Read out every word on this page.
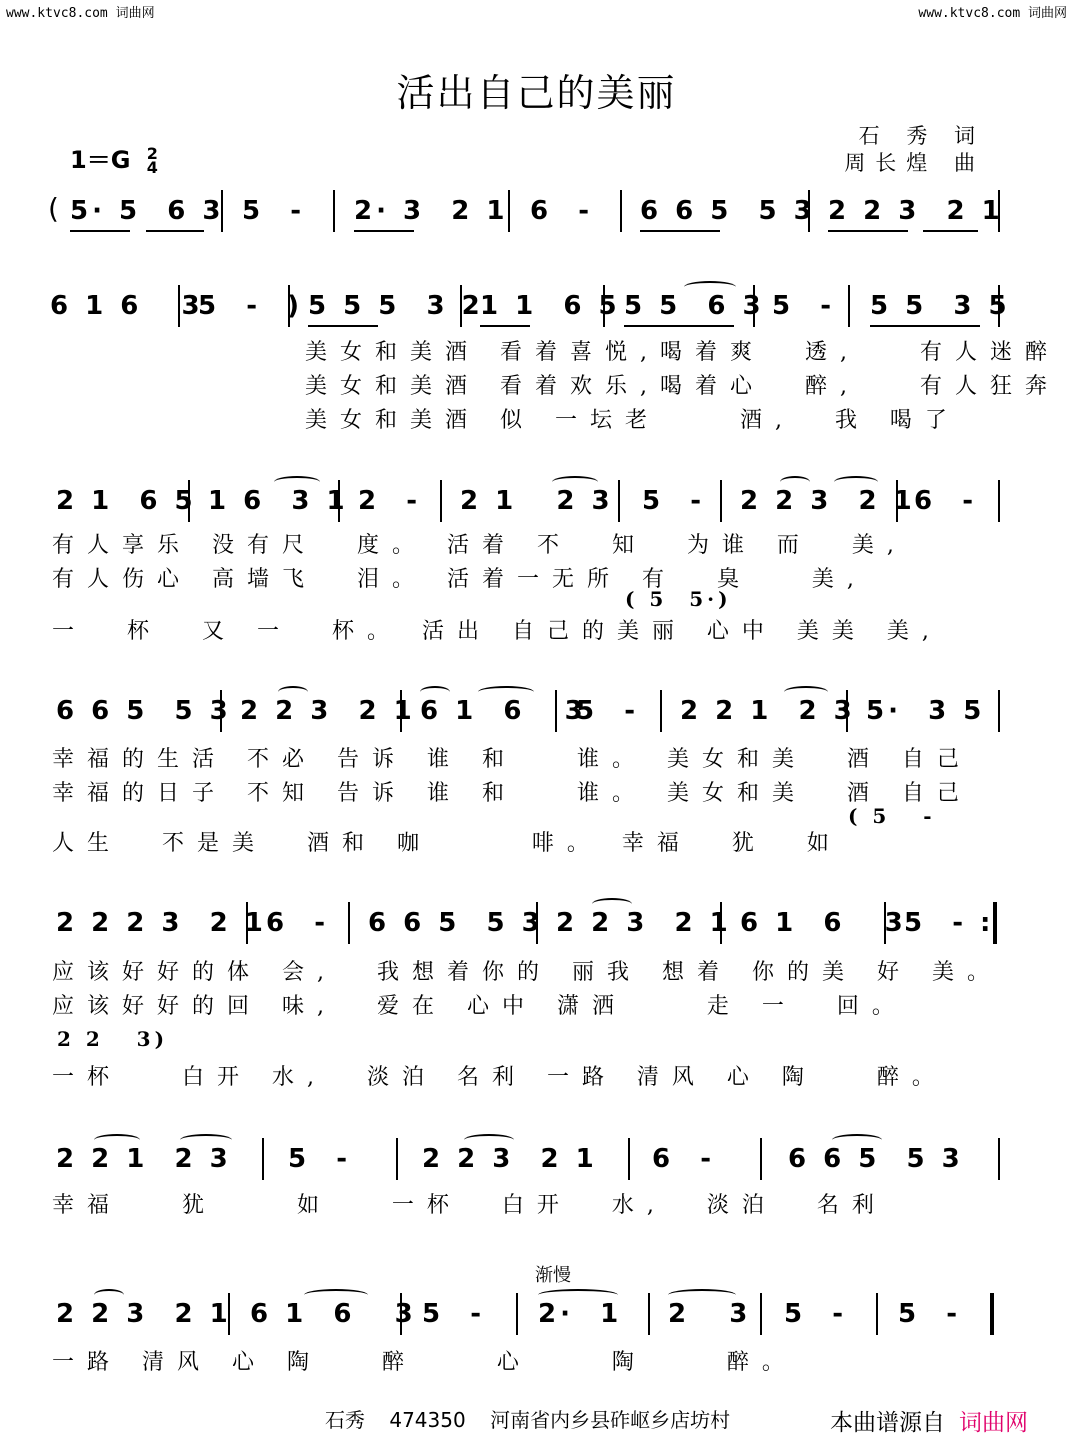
www.ktvc8.com 词曲网	www.ktvc8.com 词曲网
活出自己的美丽
1＝G 2
4
石 秀 词
周长煌 曲
( 5· 5  6 3 5  - 2· 3  2 1 6  - 6 6 5  5 3 2 2 3  2 1
6 1 6   3
5  -  ) 5 5 5  3 2
1 1  6 5 5 5  6 3 5  - 5 5  3 5
美女和美酒 看着喜悦,喝着爽  透,   有人迷醉
美女和美酒 看着欢乐,喝着心  醉,   有人狂奔
美女和美酒 似 一坛老    酒,  我 喝了
2 1  6 5 1 6  3 1 2  - 2 1   2 3 5  - 2 2 3  2 1
6  -
有人享乐 没有尺  度。 活着 不  知  为谁 而  美,
有人伤心 高墙飞  泪。 活着一无所 有  臭   美,
( 5  5·)
一  杯  又 一  杯。 活出 自己的美丽 心中 美美 美,
6 6 5  5 3 2 2 3  2 1 6 1  6   3
5  - 2 2 1  2 3 5·  3 5
幸福的生活 不必 告诉 谁 和   谁。 美女和美  酒 自己
幸福的日子 不知 告诉 谁 和   谁。 美女和美  酒 自己
( 5   -
人生  不是美  酒和 咖     啡。 幸福  犹  如
2 2 2 3  2 1 6  - 6 6 5  5 3 2 2 3  2 1 6 1  6   3
5  - :
应该好好的体 会,  我想着你的 丽我 想着 你的美 好 美。
应该好好的回 味,  爱在 心中 潇洒    走 一  回。
2 2   3)
一杯   白开 水,  淡泊 名利 一路 清风 心 陶   醉。
2 2 1  2 3 5  -	2 2 3  2 1 6  -	6 6 5  5 3
幸福   犹    如   一杯  白开  水,  淡泊  名利
渐慢
2 2 3  2 1 6 1  6   3 5  - 2·  1 2   3 5  - 5  -
一路 清风 心 陶   醉    心    陶    醉。
石秀 474350 河南省内乡县砟岖乡店坊村	本曲谱源自 词曲网
